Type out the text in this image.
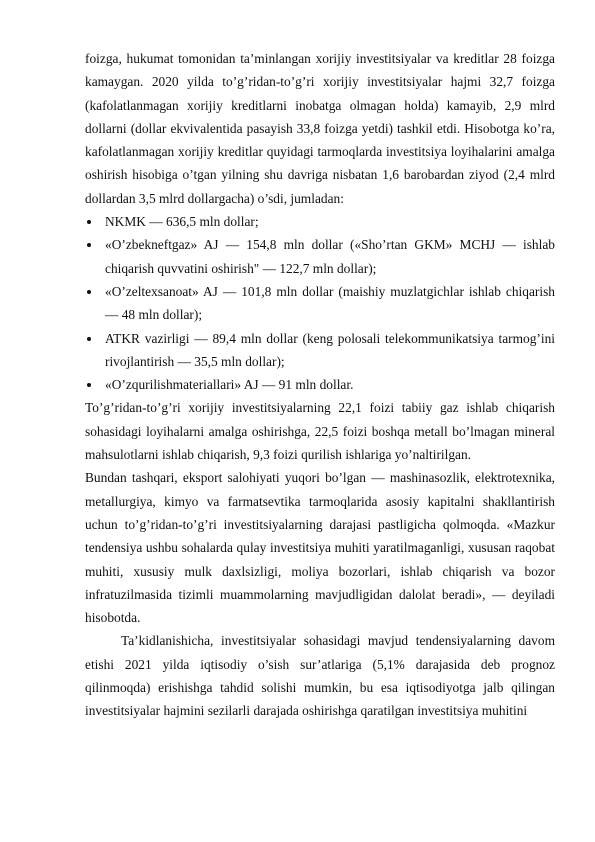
foizga, hukumat tomonidan ta’minlangan xorijiy investitsiyalar va kreditlar 28 foizga kamaygan. 2020 yilda to’g’ridan-to’g’ri xorijiy investitsiyalar hajmi 32,7 foizga (kafolatlanmagan xorijiy kreditlarni inobatga olmagan holda) kamayib, 2,9 mlrd dollarni (dollar ekvivalentida pasayish 33,8 foizga yetdi) tashkil etdi. Hisobotga ko’ra, kafolatlanmagan xorijiy kreditlar quyidagi tarmoqlarda investitsiya loyihalarini amalga oshirish hisobiga o’tgan yilning shu davriga nisbatan 1,6 barobardan ziyod (2,4 mlrd dollardan 3,5 mlrd dollargacha) o’sdi, jumladan:

NKMK — 636,5 mln dollar;
«O’zbekneftgaz» AJ — 154,8 mln dollar («Sho’rtan GKM» MCHJ — ishlab chiqarish quvvatini oshirish" — 122,7 mln dollar);
«O’zeltexsanoat» AJ — 101,8 mln dollar (maishiy muzlatgichlar ishlab chiqarish — 48 mln dollar);
ATKR vazirligi — 89,4 mln dollar (keng polosali telekommunikatsiya tarmog’ini rivojlantirish — 35,5 mln dollar);
«O’zqurilishmateriallari» AJ — 91 mln dollar.

To’g’ridan-to’g’ri xorijiy investitsiyalarning 22,1 foizi tabiiy gaz ishlab chiqarish sohasidagi loyihalarni amalga oshirishga, 22,5 foizi boshqa metall bo’lmagan mineral mahsulotlarni ishlab chiqarish, 9,3 foizi qurilish ishlariga yo’naltirilgan.

Bundan tashqari, eksport salohiyati yuqori bo’lgan — mashinasozlik, elektrotexnika, metallurgiya, kimyo va farmatsevtika tarmoqlarida asosiy kapitalni shakllantirish uchun to’g’ridan-to’g’ri investitsiyalarning darajasi pastligicha qolmoqda. «Mazkur tendensiya ushbu sohalarda qulay investitsiya muhiti yaratilmaganligi, xususan raqobat muhiti, xususiy mulk daxlsizligi, moliya bozorlari, ishlab chiqarish va bozor infratuzilmasida tizimli muammolarning mavjudligidan dalolat beradi», — deyiladi hisobotda.

Ta’kidlanishicha, investitsiyalar sohasidagi mavjud tendensiyalarning davom etishi 2021 yilda iqtisodiy o’sish sur’atlariga (5,1% darajasida deb prognoz qilinmoqda) erishishga tahdid solishi mumkin, bu esa iqtisodiyotga jalb qilingan investitsiyalar hajmini sezilarli darajada oshirishga qaratilgan investitsiya muhitini
